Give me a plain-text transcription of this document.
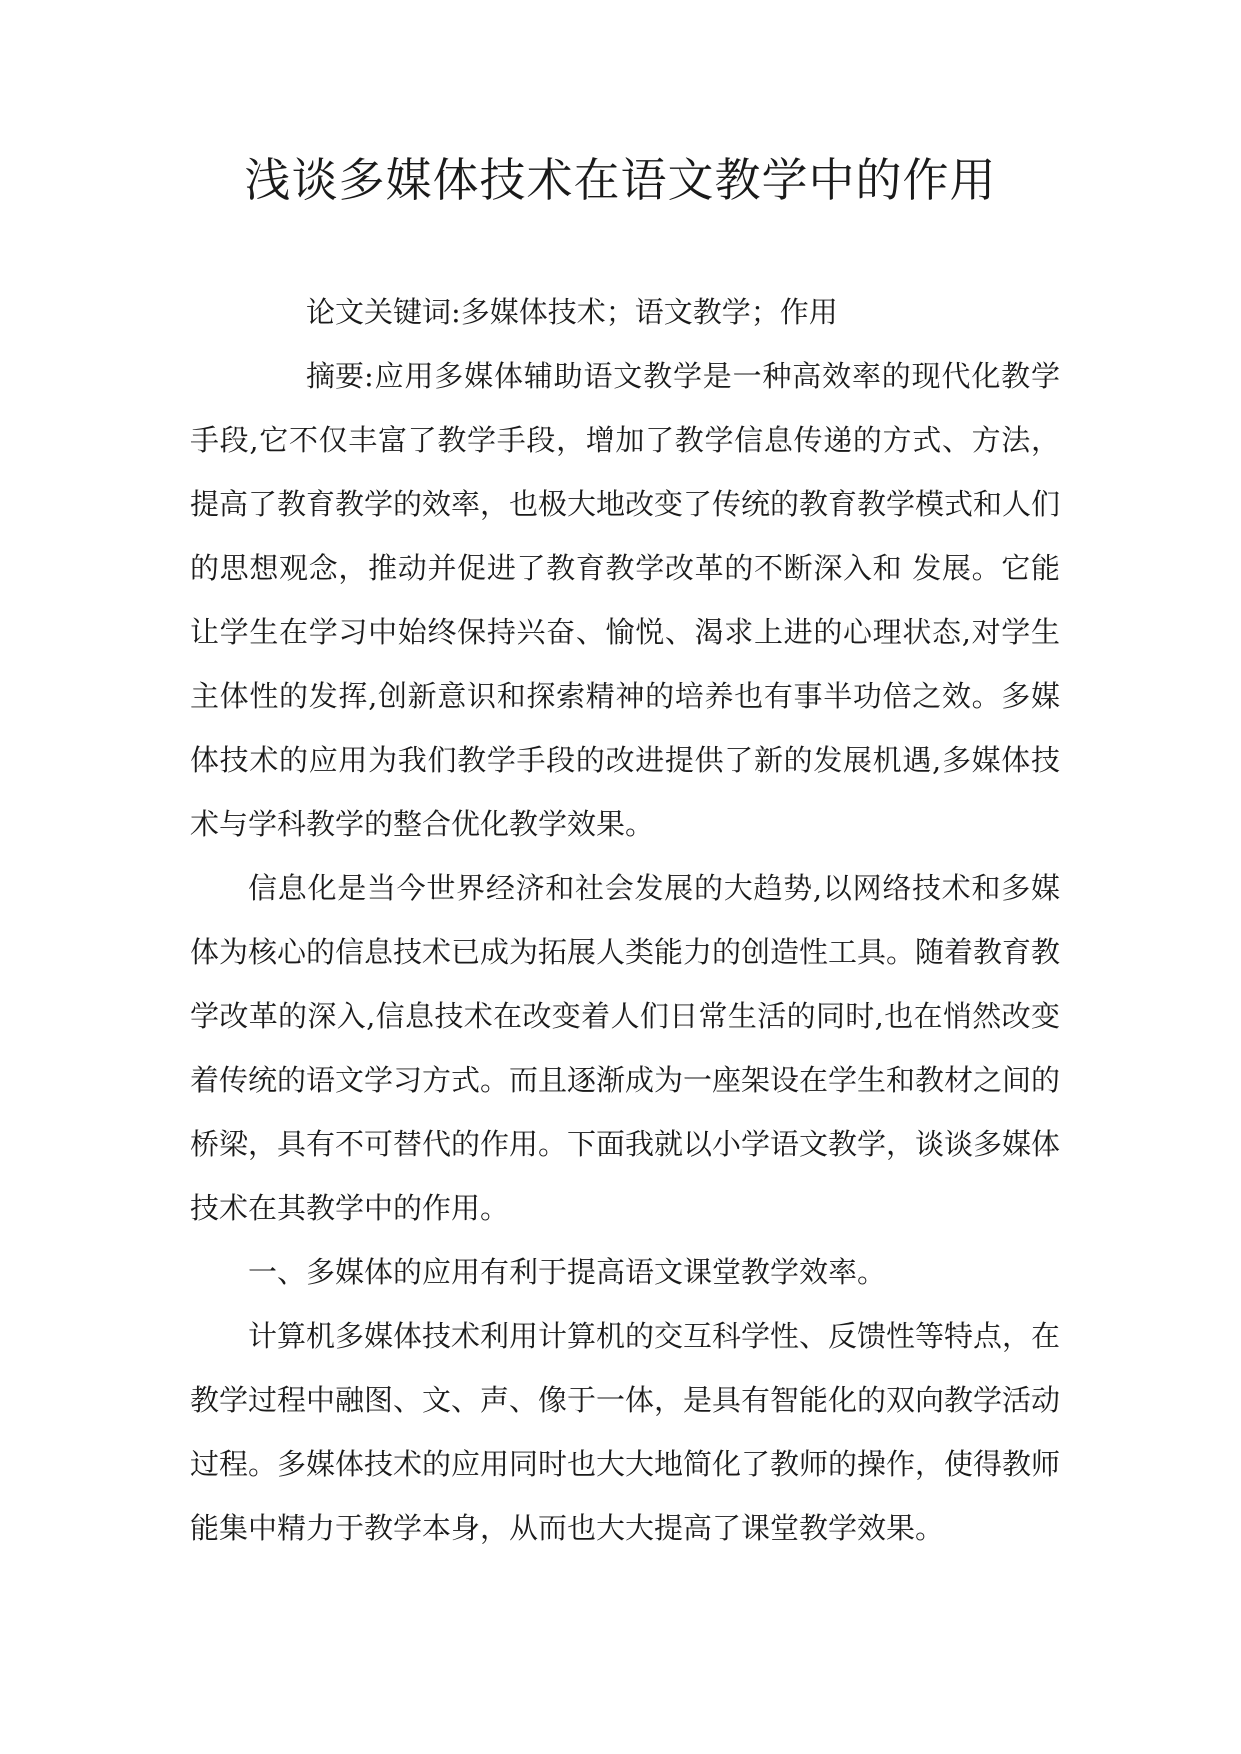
浅谈多媒体技术在语文教学中的作用

论文关键词:多媒体技术；语文教学；作用

摘要:应用多媒体辅助语文教学是一种高效率的现代化教学手段,它不仅丰富了教学手段，增加了教学信息传递的方式、方法，提高了教育教学的效率，也极大地改变了传统的教育教学模式和人们的思想观念，推动并促进了教育教学改革的不断深入和 发展。它能让学生在学习中始终保持兴奋、愉悦、渴求上进的心理状态,对学生主体性的发挥,创新意识和探索精神的培养也有事半功倍之效。多媒体技术的应用为我们教学手段的改进提供了新的发展机遇,多媒体技术与学科教学的整合优化教学效果。

信息化是当今世界经济和社会发展的大趋势,以网络技术和多媒体为核心的信息技术已成为拓展人类能力的创造性工具。随着教育教学改革的深入,信息技术在改变着人们日常生活的同时,也在悄然改变着传统的语文学习方式。而且逐渐成为一座架设在学生和教材之间的桥梁，具有不可替代的作用。下面我就以小学语文教学，谈谈多媒体技术在其教学中的作用。

一、多媒体的应用有利于提高语文课堂教学效率。

计算机多媒体技术利用计算机的交互科学性、反馈性等特点，在教学过程中融图、文、声、像于一体，是具有智能化的双向教学活动过程。多媒体技术的应用同时也大大地简化了教师的操作，使得教师能集中精力于教学本身，从而也大大提高了课堂教学效果。
